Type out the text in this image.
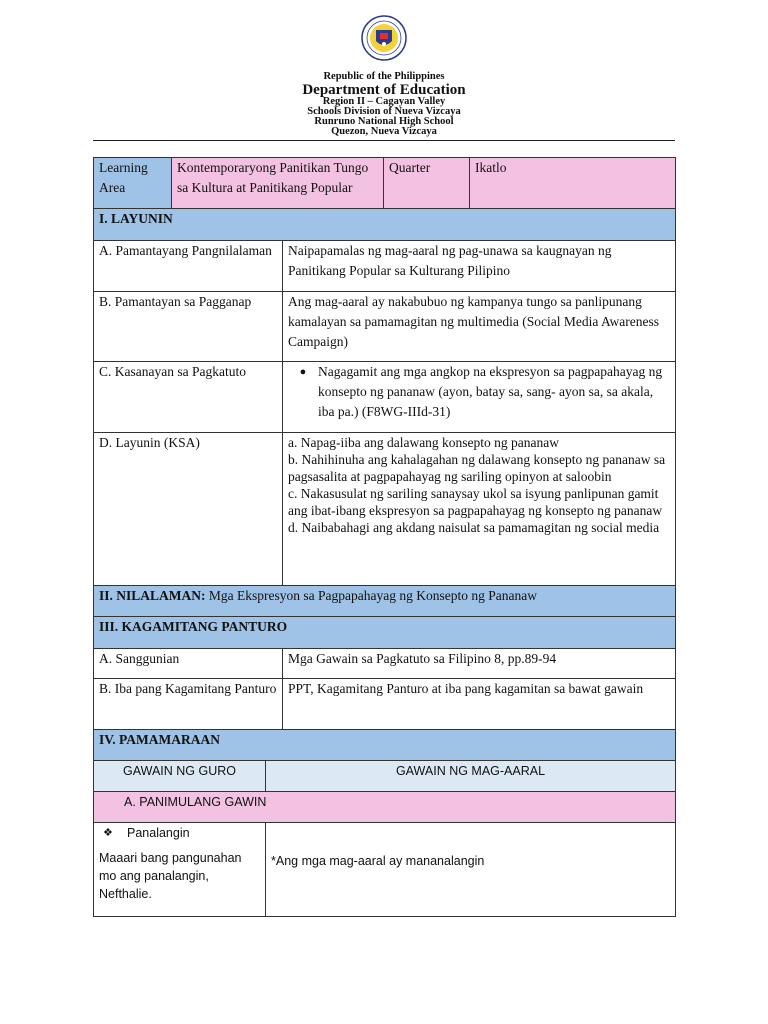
Republic of the Philippines
Department of Education
Region II – Cagayan Valley
Schools Division of Nueva Vizcaya
Runruno National High School
Quezon, Nueva Vizcaya
Learning Area	Kontemporaryong Panitikan Tungo sa Kultura at Panitikang Popular			Quarter	Ikatlo
I. LAYUNIN					
A. Pamantayang Pangnilalaman			Naipapamalas ng mag-aaral ng pag-unawa sa kaugnayan ng Panitikang Popular sa Kulturang Pilipino		
B. Pamantayan sa Pagganap			Ang mag-aaral ay nakabubuo ng kampanya tungo sa panlipunang kamalayan sa pamamagitan ng multimedia (Social Media Awareness Campaign)		
C. Kasanayan sa Pagkatuto			● Nagagamit ang mga angkop na ekspresyon sa pagpapahayag ng konsepto ng pananaw (ayon, batay sa, sang- ayon sa, sa akala, iba pa.) (F8WG-IIId-31)		

D. Layunin (KSA)			a. Napag-iiba ang dalawang konsepto ng pananaw
b. Nahihinuha ang kahalagahan ng dalawang konsepto ng pananaw sa pagsasalita at pagpapahayag ng sariling opinyon at saloobin
c. Nakasusulat ng sariling sanaysay ukol sa isyung panlipunan gamit ang ibat-ibang ekspresyon sa pagpapahayag ng konsepto ng pananaw
d. Naibabahagi ang akdang naisulat sa pamamagitan ng social media		

II. NILALAMAN: Mga Ekspresyon sa Pagpapahayag ng Konsepto ng Pananaw					
III. KAGAMITANG PANTURO					
A. Sanggunian			Mga Gawain sa Pagkatuto sa Filipino 8, pp.89-94		
B. Iba pang Kagamitang Panturo			PPT, Kagamitang Panturo at iba pang kagamitan sa bawat gawain		
IV. PAMAMARAAN					
GAWAIN NG GURO		GAWAIN NG MAG-AARAL			
A. PANIMULANG GAWIN					

❖ Panalangin
Maaari bang pangunahan mo ang panalangin, Nefthalie.		*Ang mga mag-aaral ay mananalangin			
